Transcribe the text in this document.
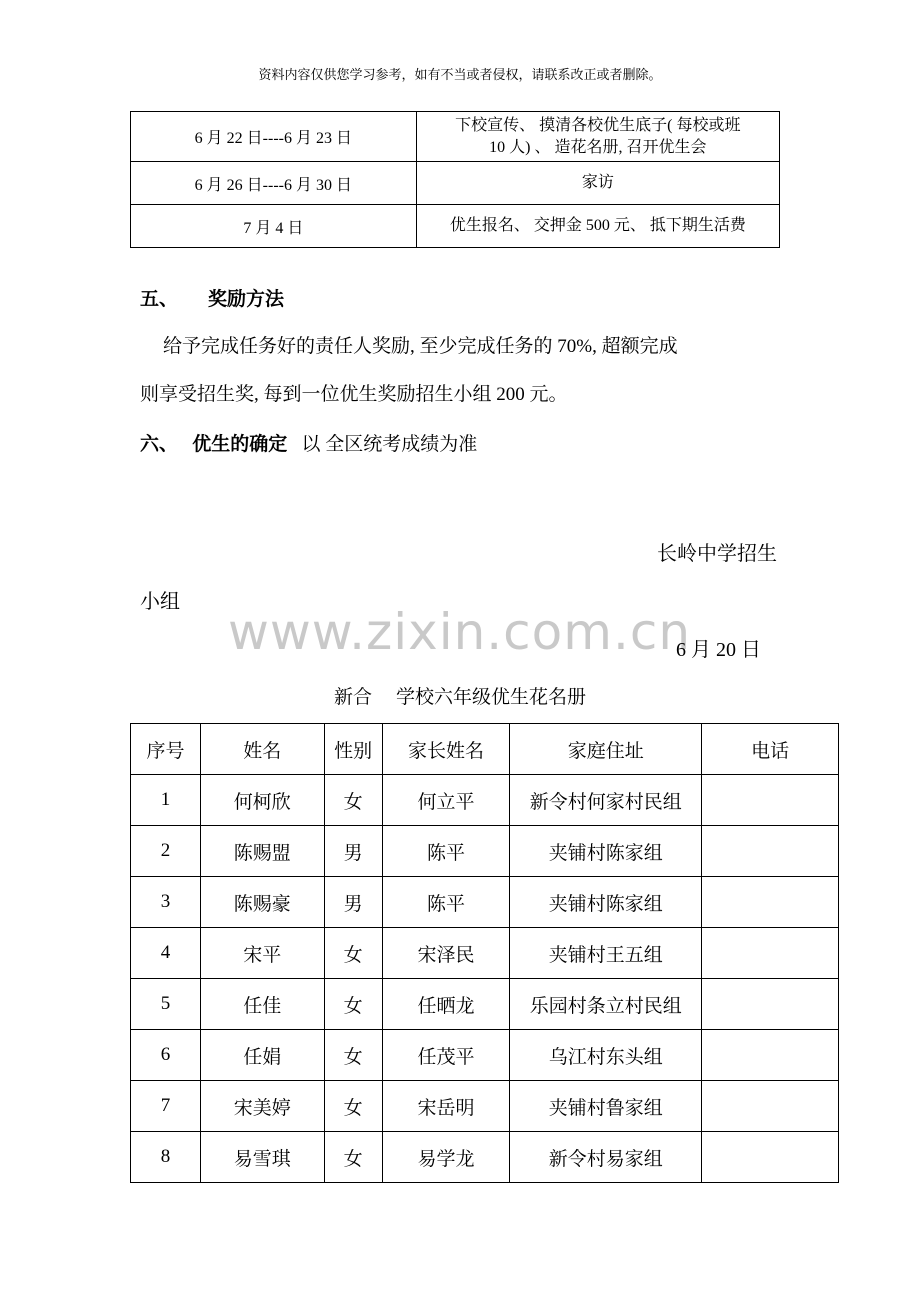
资料内容仅供您学习参考，如有不当或者侵权，请联系改正或者删除。
6 月 22 日----6 月 23 日	下校宣传、 摸清各校优生底子( 每校或班
10 人) 、 造花名册, 召开优生会

6 月 26 日----6 月 30 日	家访
7 月 4 日	优生报名、 交押金 500 元、 抵下期生活费
五、 奖励方法
给予完成任务好的责任人奖励, 至少完成任务的 70%, 超额完成
则享受招生奖, 每到一位优生奖励招生小组 200 元。
六、 优生的确定 以 全区统考成绩为准
长岭中学招生
小组
www.zixin.com.cn
6 月 20 日
新合 学校六年级优生花名册
序号	姓名	性别	家长姓名	家庭住址	电话
1	何柯欣	女	何立平	新令村何家村民组	
2	陈赐盟	男	陈平	夹铺村陈家组	
3	陈赐豪	男	陈平	夹铺村陈家组	
4	宋平	女	宋泽民	夹铺村王五组	
5	任佳	女	任晒龙	乐园村条立村民组	
6	任娟	女	任茂平	乌江村东头组	
7	宋美婷	女	宋岳明	夹铺村鲁家组	
8	易雪琪	女	易学龙	新令村易家组	
